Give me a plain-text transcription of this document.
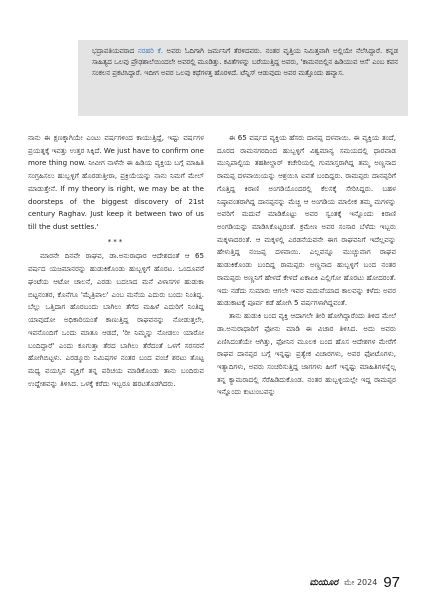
ಭದ್ರಾವತಿಯವರಾದ ನರಹರಿ ಕೆ. ಅವರು ಓದಿಗಾಗಿ ಜರ್ಮನಿಗೆ ತೆರಳಿದವರು. ನಂತರ ವೃತ್ತಿಯ ನಿಮಿತ್ತವಾಗಿ ಅಲ್ಲಿಯೇ ನೆಲೆಸಿದ್ದಾರೆ. ಕನ್ನಡ ಸಾಹಿತ್ಯದ ಒಲವು ಪ್ರೌಢಶಾಲೆಯಿಂದಲೇ ಅವರಲ್ಲಿ ಮೂಡಿತ್ತು. ಕವಿತೆಗಳನ್ನು ಬರೆಯುತ್ತಿದ್ದ ಅವರು, 'ಕಾಮನಬಿಲ್ಲಿನ ಹಿಡಿಯುವ ಆಸೆ' ಎಂಬ ಕವನ ಸಂಕಲನ ಪ್ರಕಟಿಸಿದ್ದಾರೆ. ಇದೀಗ ಅವರ ಒಲವು ಕಥೆಗಳತ್ತ ಹೊರಳಿದೆ. ಟೆನ್ನಿಸ್ ಆಡುವುದು ಅವರ ಮತ್ತೊಂದು ಹವ್ಯಾಸ.

ನಾನು ಈ ಕ್ಷಣಕ್ಕಾಗಿಯೇ ಎಂಟು ವರ್ಷಗಳಿಂದ ಕಾಯುತ್ತಿದ್ದೆ, ಇಷ್ಟು ವರ್ಷಗಳ ಪ್ರಯತ್ನಕ್ಕೆ ಇವತ್ತು ಉತ್ತರ ಸಿಕ್ಕಿದೆ. We just have to confirm one more thing now. ನೀವೀಗ ನಾಳೆನೇ ಈ ಹಿಡಿಯ ವ್ಯಕ್ತಿಯ ಬಗ್ಗೆ ಮಾಹಿತಿ ಸಂಗ್ರಹಿಸಲು ಹುಬ್ಬಳ್ಳಿಗೆ ಹೊರಡುತ್ತೀರಾ, ಪ್ರಕ್ರಿಯೆಯನ್ನು ನಾನು ನಿಮಗೆ ಮೇಲ್ ಮಾಡುತ್ತೇನೆ. If my theory is right, we may be at the doorsteps of the biggest discovery of 21st century Raghav. Just keep it between two of us till the dust settles.'

***

ಮಾರನೇ ದಿನವೇ ರಾಘವ, ಡಾ.ಅನುರಾಧಾರ ಆದೇಶದಂತೆ ಆ 65 ವರ್ಷದ ಯಜಮಾನರನ್ನು ಹುಡುಕಿಕೊಂಡು ಹುಬ್ಬಳ್ಳಿಗೆ ಹೊರಟ. ಒಂದೂವರೆ ಘಂಟೆಯ ಆಟೋ ಚಾಲನೆ, ಎರಡು ಬದಲಾದ ಮನೆ ವಿಳಾಸಗಳ ಹುಡುಕಾ ಬಿಟ್ಟನಂತರ, ಕೊನೆಗೂ 'ಮೈತ್ರಿಪಾಲ' ಎಂಬ ಮನೆಯ ಎದುರು ಬಂದು ನಿಂತಿದ್ದ. ಬೆಲ್ಲು ಒತ್ತಿದಾಗ ಹೊರಬಂದು ಬಾಗಿಲು ತೆಗೆದ ಮಹಿಳೆ ಎದುರಿಗೆ ನಿಂತಿದ್ದ ಯಾವುದೋ ಅಧಿಕಾರಿಯಂತೆ ಕಾಣುತ್ತಿದ್ದ ರಾಘವನನ್ನು ನೋಡುತ್ತಲೇ, ಇವನೊಂದಿಗೆ ಒಂದು ಮಾತೂ ಆಡದೆ, 'ರೀ ನಿಮ್ಮನ್ನು ನೋಡಲು ಯಾರೋ ಬಂದಿದ್ದಾರೆ' ಎಂದು ಕೂಗುತ್ತಾ ತೆರದ ಬಾಗಿಲು ತೆರೆದಂತೆ ಒಳಗೆ ಸರಸರನೆ ಹೋಗಿಬಿಟ್ಟಳು. ಎರಡ್ಮೂರು ನಿಮಿಷಗಳ ನಂತರ ಬಂದ ಪಂಚೆ ಶರಟು ತೊಟ್ಟ ಮಧ್ಯ ವಯಸ್ಸಿನ ವ್ಯಕ್ತಿಗೆ ತನ್ನ ಪರಿಚಯ ಮಾಡಿಕೊಂಡು ತಾನು ಬಂದಿರುವ ಉದ್ದೇಶವನ್ನು ತಿಳಿಸಿದ. ಒಳಕ್ಕೆ ಕರೆದು ಇಬ್ಬರೂ ಹರಟತೊಡಗಿದರು.

ಈ 65 ವರ್ಷದ ವ್ಯಕ್ತಿಯ ಹೆಸರು ದಾನಪ್ಪ ದಳವಾಯಿ. ಈ ವ್ಯಕ್ತಿಯ ತಂದೆ, ದೂರದ ರಾಮನಗರದಿಂದ ಹುಬ್ಬಳ್ಳಿಗೆ ವಿಶ್ವಮಾನ್ಯ ಸಮಯದಲ್ಲಿ ಧಾರವಾಡ ಮುನ್ಸಿಪಾಲ್ಟಿಯ ತಹಶೀಲ್ದಾರ್ ಕಚೇರಿಯಲ್ಲಿ ಗುಮಾಸ್ತರಾಗಿದ್ದ ತಮ್ಮ ಅಣ್ಣನಾದ ರಾಮಪ್ಪ ದಳವಾಯಿಯನ್ನು ಆಶ್ರಯಿಸಿ ಐವತೆ ಬಂದಿದ್ದರು. ರಾಮಪ್ಪರು ದಾನಪ್ಪರಿಗೆ ಗೊತ್ತಿದ್ದ ಕಿರಾಣಿ ಅಂಗಡಿಯೊಂದರಲ್ಲಿ ಕೆಲಸಕ್ಕೆ ಸೇರಿಸಿದ್ದರು. ಬಹಳ ನಿಷ್ಠಾವಂತರಾಗಿದ್ದ ದಾನಪ್ಪನನ್ನು ಮೆಚ್ಚಿ ಆ ಅಂಗಡಿಯ ಮಾಲೀಕ ತಮ್ಮ ಮಗಳನ್ನು ಅವರಿಗೆ ಮದುವೆ ಮಾಡಿಕೊಟ್ಟು ಅವರ ಸ್ವಂತಕ್ಕೆ ಇನ್ನೊಂದು ಕಿರಾಣಿ ಅಂಗಡಿಯನ್ನು ಮಾಡಿಸಿಕೊಟ್ಟರಂತೆ. ಕ್ರಮೇಣ ಅವರ ಸಂಸಾರ ಬೆಳೆದು ಇಬ್ಬರು ಮಕ್ಕಳಾದರಂತೆ. ಆ ಮಕ್ಕಳಲ್ಲಿ ಎರಡನೆಯವನೇ ಈಗ ರಾಘವನಿಗೆ ಇದೆಲ್ಲವನ್ನು ಹೇಳುತ್ತಿದ್ದ ನಂಜಪ್ಪ ದಳವಾಯಿ. ಎಲ್ಲವನ್ನೂ ಮುಚ್ಚುವಾಗ ರಾಘವ ಹುಡುಕಿಕೊಂಡು ಬಂದಿದ್ದ ರಾಮಪ್ಪರು ಅಣ್ಣನಾದ ಹುಬ್ಬಳ್ಳಿಗೆ ಬಂದ ನಂತರ ರಾಮಪ್ಪರು ಅಣ್ಣನಿಗೆ ಹೇಳದೆ ಕೇಳದೆ ಏಕಾಏಕಿ ಎಲ್ಲಿಗೋ ಹೊರಟು ಹೋದರಂತೆ. ಇದು ನಡೆದು ಸುಮಾರು ಆಗಲೇ ಇವರ ಮದುವೆಯಾದ ಕಾಲವನ್ನು ಕಳೆದು ಅವರ ಹುಡುಕಾಟಕ್ಕೆ ಪೂರ್ವ ಕಡೆ ಹೋಗಿ 5 ವರ್ಷಗಳಾಗಿದ್ದವಂತೆ.

ತಾನು ಹುಡುಕಿ ಬಂದ ವ್ಯಕ್ತಿ ಆದಾಗಲೇ ತೀರಿ ಹೋಗಿದ್ದಾರೆಂದು ತಿಳಿದ ಮೇಲೆ ಡಾ.ಅನುರಾಧಾರಿಗೆ ಫೋನು ಮಾಡಿ ಈ ವಿಚಾರ ತಿಳಿಸಿದ. ಅದು ಅವರು ಏಣಿಸಿದಂತೆಯೇ ಆಗಿತ್ತು, ಫೋನಿನ ಮೂಲಕ ಬಂದ ಹೊಸ ಆದೇಶಗಳ ಮೇರೆಗೆ ರಾಘವ ದಾನಪ್ಪರ ಬಗ್ಗೆ ಇನ್ನಷ್ಟು ಪ್ರತ್ಯೇಕ ವಿಚಾರಗಳು, ಅವರ ಫೋಟೊಗಳು, ಇತ್ಯಾದಿಗಳು, ಅವರು ಸಂಚರಿಸುತ್ತಿದ್ದ ಜಾಗಗಳು ಹೀಗೆ ಇನ್ನಷ್ಟು ಮಾಹಿತಿಗಳನ್ನೆಲ್ಲ ತನ್ನ ಕ್ಯಾಮರಾದಲ್ಲಿ ಸೆರೆಹಿಡಿದುಕೊಂಡ. ನಂತರ ಹುಬ್ಬಳ್ಳಿಯಲ್ಲೇ ಇದ್ದ ರಾಮಪ್ಪರ ಇನ್ನೊಂದು ಕುಟುಂಬವನ್ನು

ಮಯೂರ ಮೇ 2024 97
